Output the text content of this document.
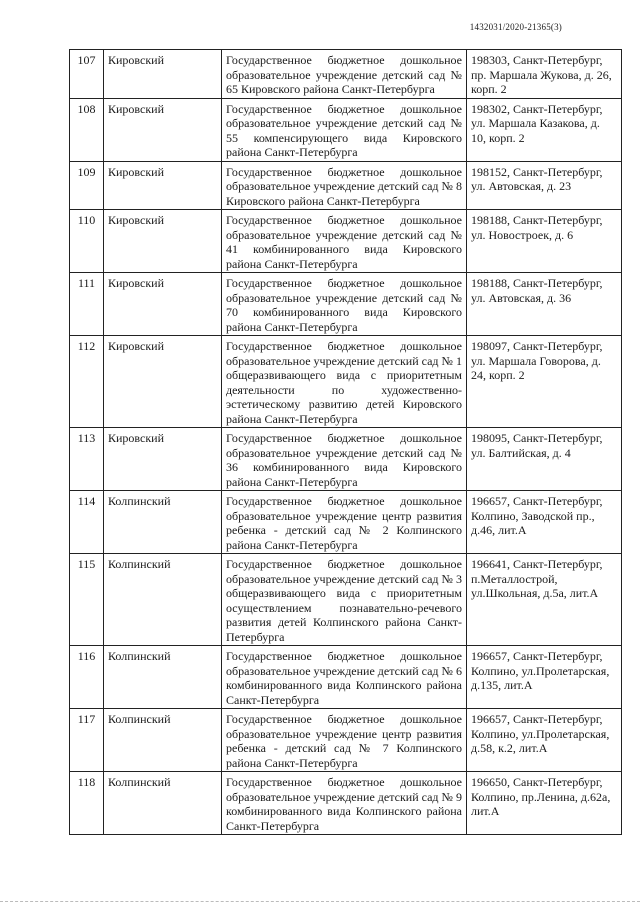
1432031/2020-21365(3)
107	Кировский	Государственное бюджетное дошкольное образовательное учреждение детский сад № 65 Кировского района Санкт-Петербурга	198303, Санкт-Петербург, пр. Маршала Жукова, д. 26, корп. 2
108	Кировский	Государственное бюджетное дошкольное образовательное учреждение детский сад № 55 компенсирующего вида Кировского района Санкт-Петербурга	198302, Санкт-Петербург, ул. Маршала Казакова, д. 10, корп. 2
109	Кировский	Государственное бюджетное дошкольное образовательное учреждение детский сад № 8 Кировского района Санкт-Петербурга	198152, Санкт-Петербург, ул. Автовская, д. 23
110	Кировский	Государственное бюджетное дошкольное образовательное учреждение детский сад № 41 комбинированного вида Кировского района Санкт-Петербурга	198188, Санкт-Петербург, ул. Новостроек, д. 6
111	Кировский	Государственное бюджетное дошкольное образовательное учреждение детский сад № 70 комбинированного вида Кировского района Санкт-Петербурга	198188, Санкт-Петербург, ул. Автовская, д. 36
112	Кировский	Государственное бюджетное дошкольное образовательное учреждение детский сад № 1 общеразвивающего вида с приоритетным деятельности по художественно-эстетическому развитию детей Кировского района Санкт-Петербурга	198097, Санкт-Петербург, ул. Маршала Говорова, д. 24, корп. 2
113	Кировский	Государственное бюджетное дошкольное образовательное учреждение детский сад № 36 комбинированного вида Кировского района Санкт-Петербурга	198095, Санкт-Петербург, ул. Балтийская, д. 4
114	Колпинский	Государственное бюджетное дошкольное образовательное учреждение центр развития ребенка - детский сад № 2 Колпинского района Санкт-Петербурга	196657, Санкт-Петербург, Колпино, Заводской пр., д.46, лит.А
115	Колпинский	Государственное бюджетное дошкольное образовательное учреждение детский сад № 3 общеразвивающего вида с приоритетным осуществлением познавательно-речевого развития детей Колпинского района Санкт-Петербурга	196641, Санкт-Петербург, п.Металлострой, ул.Школьная, д.5а, лит.А
116	Колпинский	Государственное бюджетное дошкольное образовательное учреждение детский сад № 6 комбинированного вида Колпинского района Санкт-Петербурга	196657, Санкт-Петербург, Колпино, ул.Пролетарская, д.135, лит.А
117	Колпинский	Государственное бюджетное дошкольное образовательное учреждение центр развития ребенка - детский сад № 7 Колпинского района Санкт-Петербурга	196657, Санкт-Петербург, Колпино, ул.Пролетарская, д.58, к.2, лит.А
118	Колпинский	Государственное бюджетное дошкольное образовательное учреждение детский сад № 9 комбинированного вида Колпинского района Санкт-Петербурга	196650, Санкт-Петербург, Колпино, пр.Ленина, д.62а, лит.А
